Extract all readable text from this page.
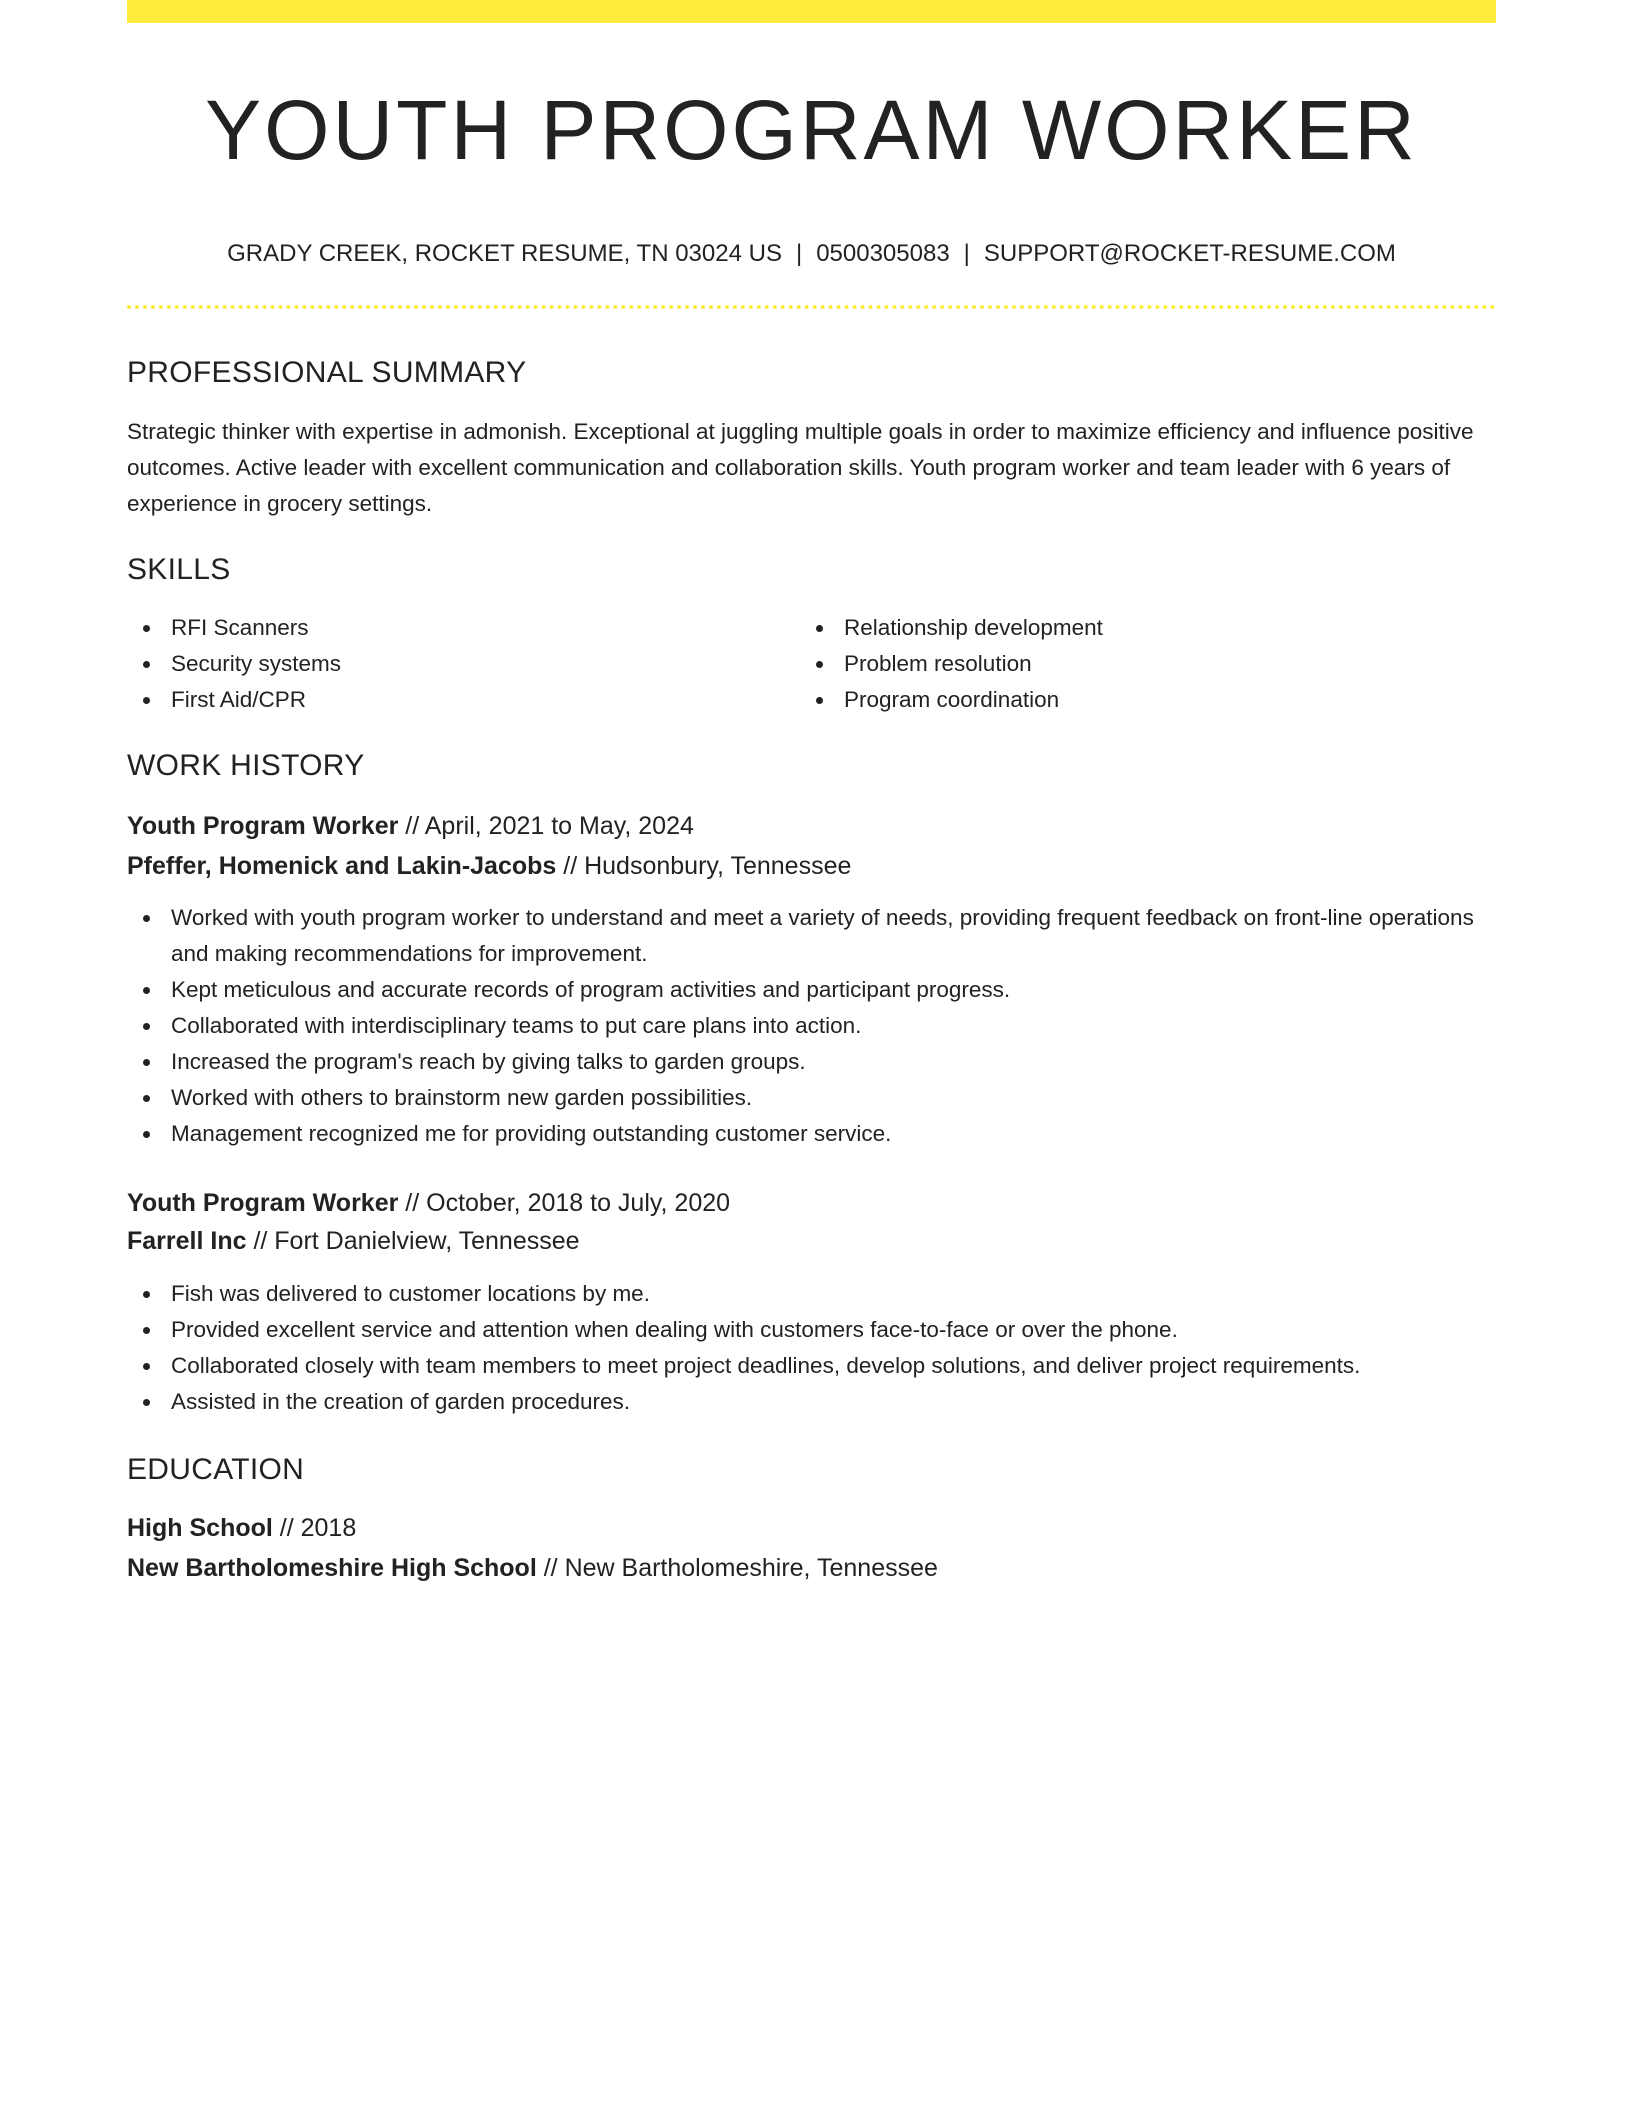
YOUTH PROGRAM WORKER
GRADY CREEK, ROCKET RESUME, TN 03024 US | 0500305083 | SUPPORT@ROCKET-RESUME.COM
PROFESSIONAL SUMMARY
Strategic thinker with expertise in admonish. Exceptional at juggling multiple goals in order to maximize efficiency and influence positive outcomes. Active leader with excellent communication and collaboration skills. Youth program worker and team leader with 6 years of experience in grocery settings.
SKILLS
RFI Scanners
Security systems
First Aid/CPR
Relationship development
Problem resolution
Program coordination
WORK HISTORY
Youth Program Worker // April, 2021 to May, 2024
Pfeffer, Homenick and Lakin-Jacobs // Hudsonbury, Tennessee
Worked with youth program worker to understand and meet a variety of needs, providing frequent feedback on front-line operations and making recommendations for improvement.
Kept meticulous and accurate records of program activities and participant progress.
Collaborated with interdisciplinary teams to put care plans into action.
Increased the program's reach by giving talks to garden groups.
Worked with others to brainstorm new garden possibilities.
Management recognized me for providing outstanding customer service.
Youth Program Worker // October, 2018 to July, 2020
Farrell Inc // Fort Danielview, Tennessee
Fish was delivered to customer locations by me.
Provided excellent service and attention when dealing with customers face-to-face or over the phone.
Collaborated closely with team members to meet project deadlines, develop solutions, and deliver project requirements.
Assisted in the creation of garden procedures.
EDUCATION
High School // 2018
New Bartholomeshire High School // New Bartholomeshire, Tennessee
